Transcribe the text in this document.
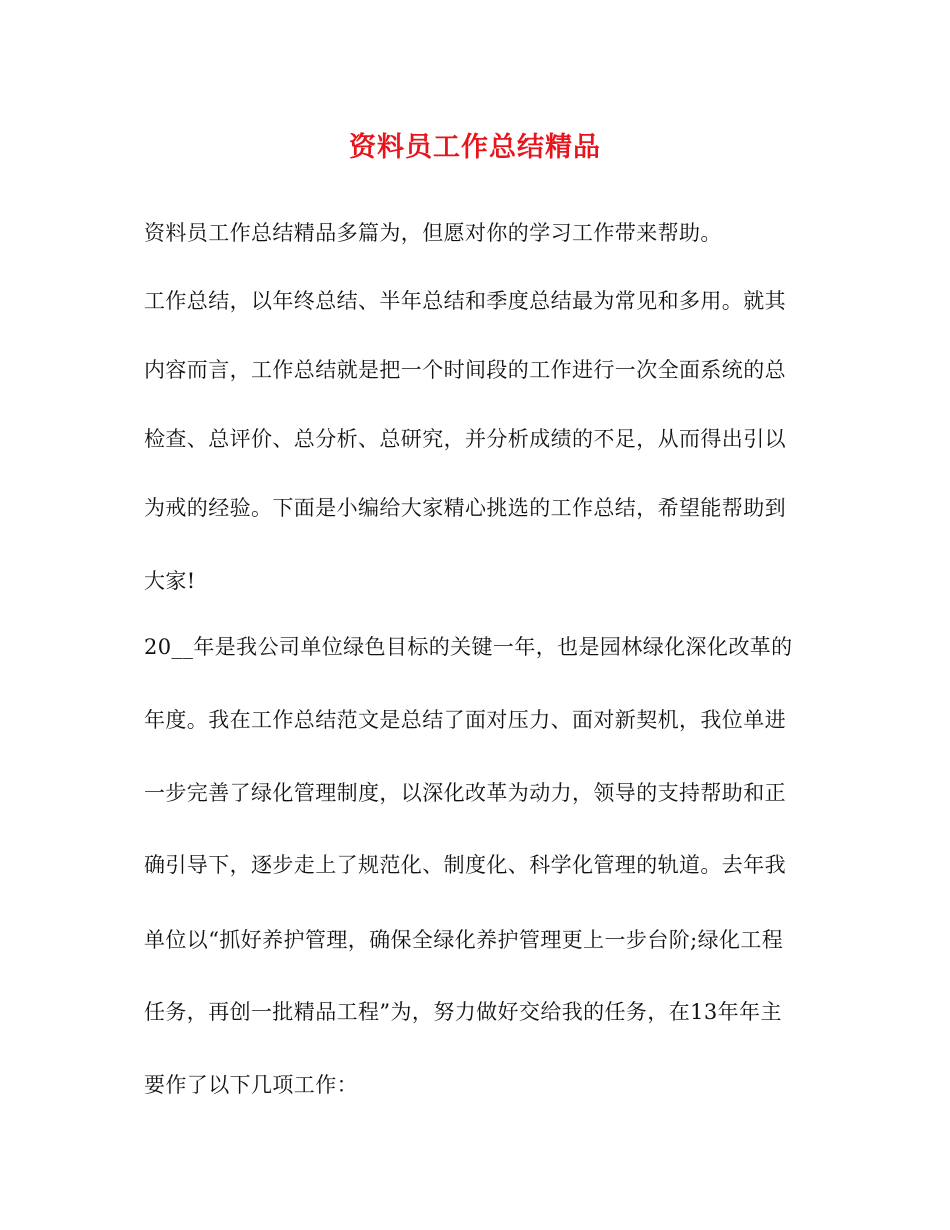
资料员工作总结精品
资料员工作总结精品多篇为，但愿对你的学习工作带来帮助。
工作总结，以年终总结、半年总结和季度总结最为常见和多用。就其
内容而言，工作总结就是把一个时间段的工作进行一次全面系统的总
检查、总评价、总分析、总研究，并分析成绩的不足，从而得出引以
为戒的经验。下面是小编给大家精心挑选的工作总结，希望能帮助到
大家!
20__年是我公司单位绿色目标的关键一年，也是园林绿化深化改革的
年度。我在工作总结范文是总结了面对压力、面对新契机，我位单进
一步完善了绿化管理制度，以深化改革为动力，领导的支持帮助和正
确引导下，逐步走上了规范化、制度化、科学化管理的轨道。去年我
单位以“抓好养护管理，确保全绿化养护管理更上一步台阶;绿化工程
任务，再创一批精品工程”为，努力做好交给我的任务，在13年年主
要作了以下几项工作：
